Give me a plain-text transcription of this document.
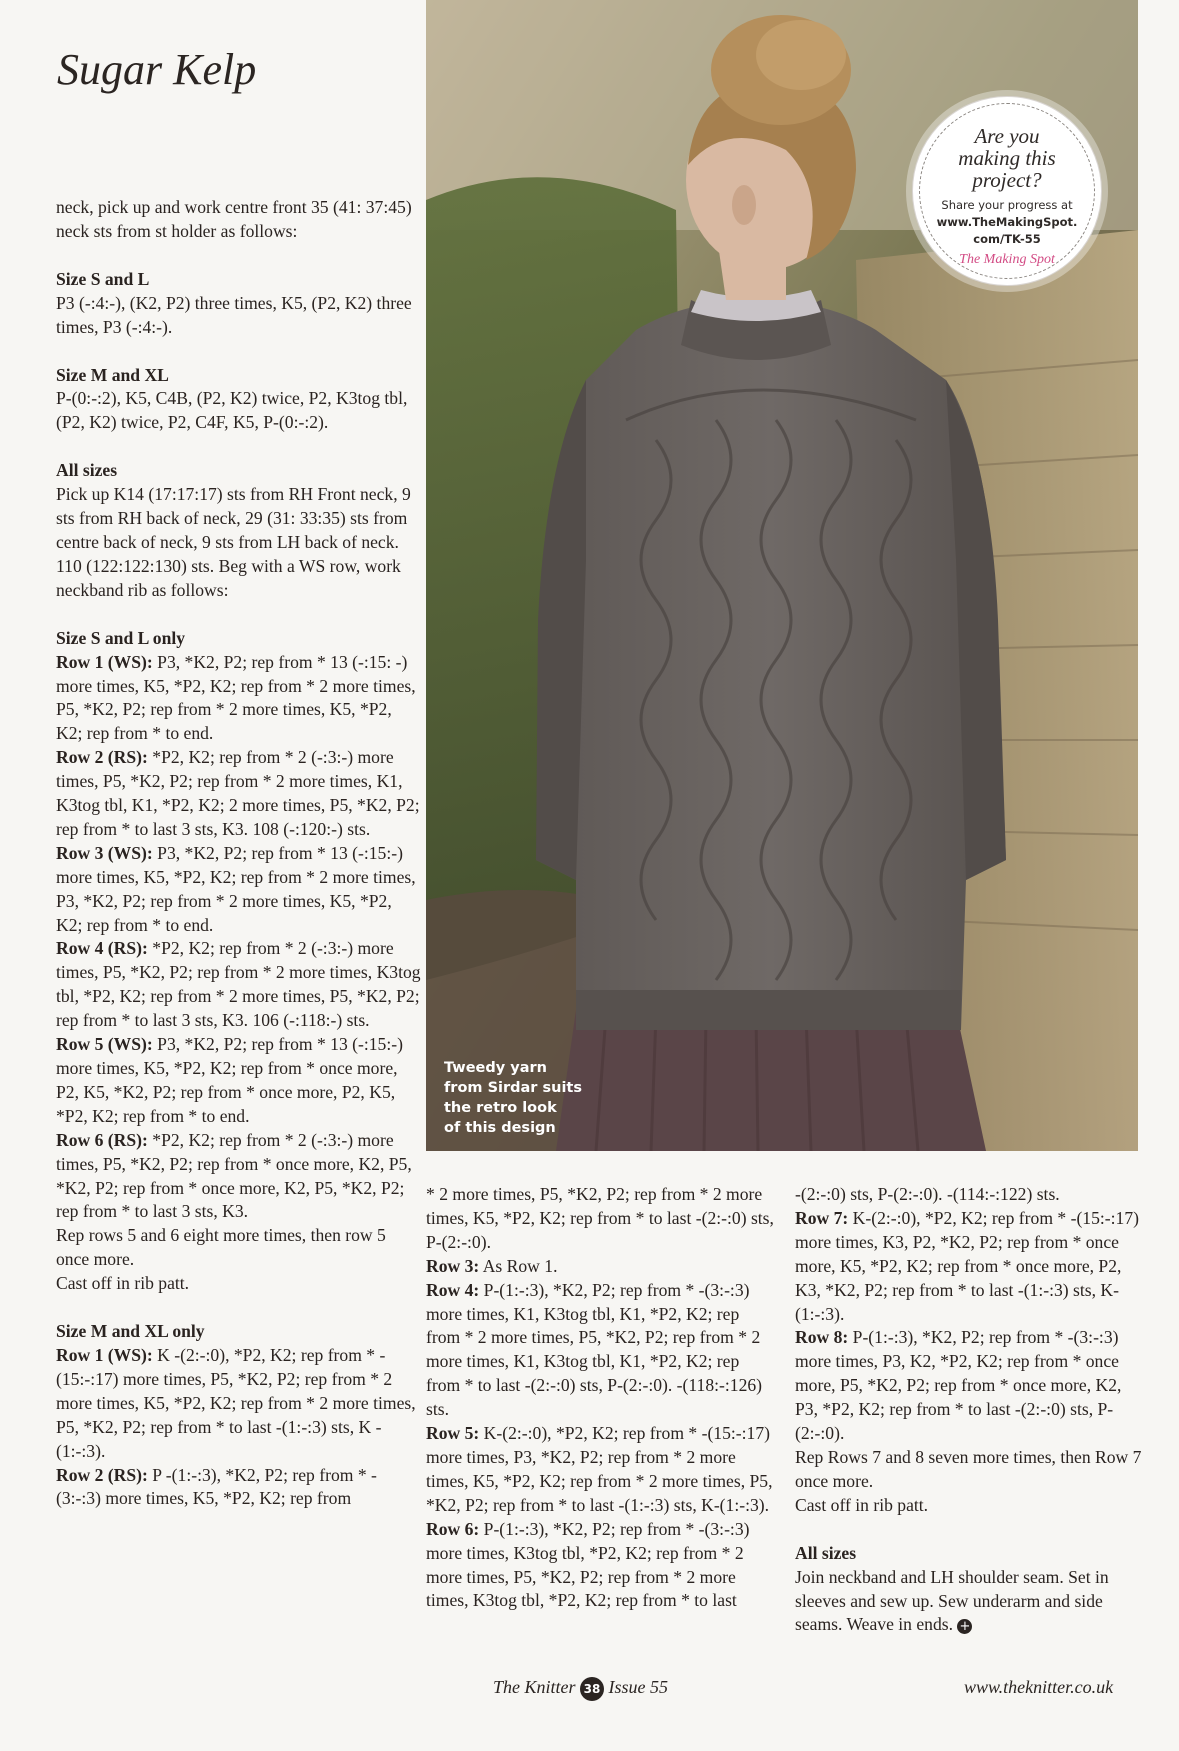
Sugar Kelp

neck, pick up and work centre front 35 (41: 37:45) neck sts from st holder as follows:

Size S and L

P3 (-:4:-), (K2, P2) three times, K5, (P2, K2) three times, P3 (-:4:-).

Size M and XL

P-(0:-:2), K5, C4B, (P2, K2) twice, P2, K3tog tbl, (P2, K2) twice, P2, C4F, K5, P-(0:-:2).

All sizes

Pick up K14 (17:17:17) sts from RH Front neck, 9 sts from RH back of neck, 29 (31: 33:35) sts from centre back of neck, 9 sts from LH back of neck. 110 (122:122:130) sts. Beg with a WS row, work neckband rib as follows:

Size S and L only

Row 1 (WS): P3, *K2, P2; rep from * 13 (-:15: -) more times, K5, *P2, K2; rep from * 2 more times, P5, *K2, P2; rep from * 2 more times, K5, *P2, K2; rep from * to end.

Row 2 (RS): *P2, K2; rep from * 2 (-:3:-) more times, P5, *K2, P2; rep from * 2 more times, K1, K3tog tbl, K1, *P2, K2; 2 more times, P5, *K2, P2; rep from * to last 3 sts, K3. 108 (-:120:-) sts.

Row 3 (WS): P3, *K2, P2; rep from * 13 (-:15:-) more times, K5, *P2, K2; rep from * 2 more times, P3, *K2, P2; rep from * 2 more times, K5, *P2, K2; rep from * to end.

Row 4 (RS): *P2, K2; rep from * 2 (-:3:-) more times, P5, *K2, P2; rep from * 2 more times, K3tog tbl, *P2, K2; rep from * 2 more times, P5, *K2, P2; rep from * to last 3 sts, K3. 106 (-:118:-) sts.

Row 5 (WS): P3, *K2, P2; rep from * 13 (-:15:-) more times, K5, *P2, K2; rep from * once more, P2, K5, *K2, P2; rep from * once more, P2, K5, *P2, K2; rep from * to end.

Row 6 (RS): *P2, K2; rep from * 2 (-:3:-) more times, P5, *K2, P2; rep from * once more, K2, P5, *K2, P2; rep from * once more, K2, P5, *K2, P2; rep from * to last 3 sts, K3.

Rep rows 5 and 6 eight more times, then row 5 once more.

Cast off in rib patt.

Size M and XL only

Row 1 (WS): K -(2:-:0), *P2, K2; rep from * -(15:-:17) more times, P5, *K2, P2; rep from * 2 more times, K5, *P2, K2; rep from * 2 more times, P5, *K2, P2; rep from * to last -(1:-:3) sts, K -(1:-:3).

Row 2 (RS): P -(1:-:3), *K2, P2; rep from * -(3:-:3) more times, K5, *P2, K2; rep from

Tweedy yarn
from Sirdar suits
the retro look
of this design
Are you
making this
project?
Share your progress at
www.TheMakingSpot.
com/TK-55
The Making Spot

* 2 more times, P5, *K2, P2; rep from * 2 more times, K5, *P2, K2; rep from * to last -(2:-:0) sts, P-(2:-:0).

Row 3: As Row 1.

Row 4: P-(1:-:3), *K2, P2; rep from * -(3:-:3) more times, K1, K3tog tbl, K1, *P2, K2; rep from * 2 more times, P5, *K2, P2; rep from * 2 more times, K1, K3tog tbl, K1, *P2, K2; rep from * to last -(2:-:0) sts, P-(2:-:0). -(118:-:126) sts.

Row 5: K-(2:-:0), *P2, K2; rep from * -(15:-:17) more times, P3, *K2, P2; rep from * 2 more times, K5, *P2, K2; rep from * 2 more times, P5, *K2, P2; rep from * to last -(1:-:3) sts, K-(1:-:3).

Row 6: P-(1:-:3), *K2, P2; rep from * -(3:-:3) more times, K3tog tbl, *P2, K2; rep from * 2 more times, P5, *K2, P2; rep from * 2 more times, K3tog tbl, *P2, K2; rep from * to last

-(2:-:0) sts, P-(2:-:0). -(114:-:122) sts.

Row 7: K-(2:-:0), *P2, K2; rep from * -(15:-:17) more times, K3, P2, *K2, P2; rep from * once more, K5, *P2, K2; rep from * once more, P2, K3, *K2, P2; rep from * to last -(1:-:3) sts, K-(1:-:3).

Row 8: P-(1:-:3), *K2, P2; rep from * -(3:-:3) more times, P3, K2, *P2, K2; rep from * once more, P5, *K2, P2; rep from * once more, K2, P3, *P2, K2; rep from * to last -(2:-:0) sts, P-(2:-:0).

Rep Rows 7 and 8 seven more times, then Row 7 once more.

Cast off in rib patt.

All sizes

Join neckband and LH shoulder seam. Set in sleeves and sew up. Sew underarm and side seams. Weave in ends. +

The Knitter 38 Issue 55	www.theknitter.co.uk
